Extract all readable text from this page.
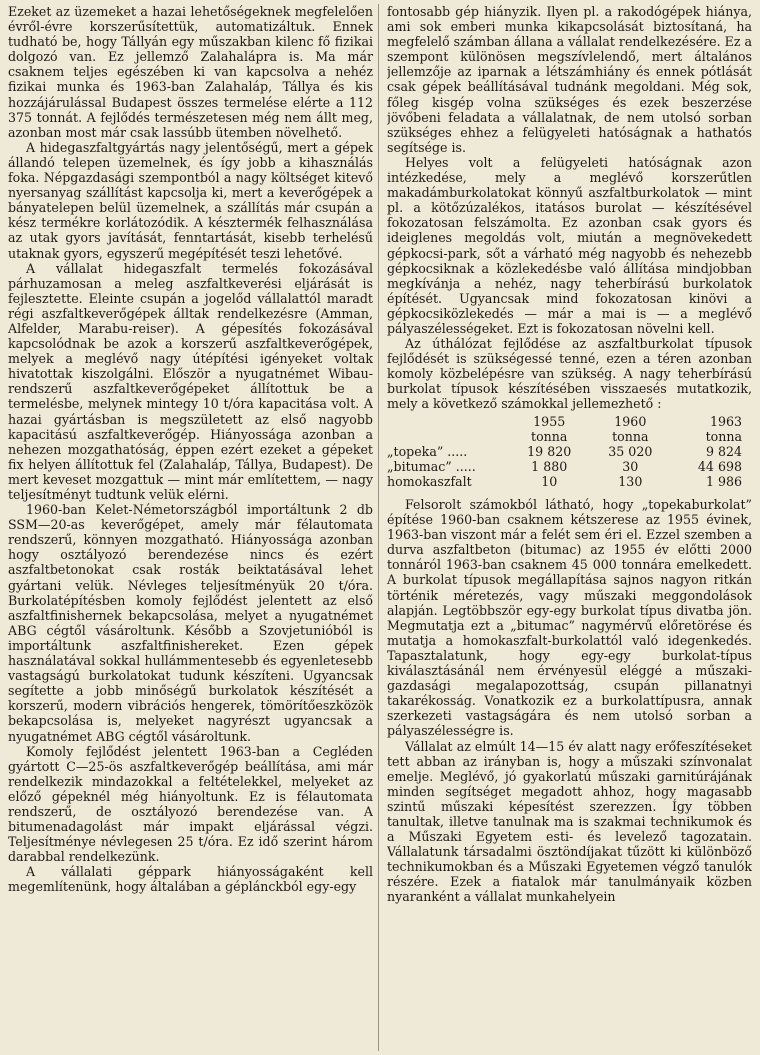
Ezeket az üzemeket a hazai lehetőségeknek megfelelően évről-évre korszerűsítettük, automatizáltuk. Ennek tudható be, hogy Tállyán egy műszakban kilenc fő fizikai dolgozó van. Ez jellemző Zalahalápra is. Ma már csaknem teljes egészében ki van kapcsolva a nehéz fizikai munka és 1963-ban Zalahaláp, Tállya és kis hozzájárulással Budapest összes termelése elérte a 112 375 tonnát. A fejlődés természetesen még nem állt meg, azonban most már csak lassúbb ütemben növelhető.

A hidegaszfaltgyártás nagy jelentőségű, mert a gépek állandó telepen üzemelnek, és így jobb a kihasználás foka. Népgazdasági szempontból a nagy költséget kitevő nyersanyag szállítást kapcsolja ki, mert a keverőgépek a bányatelepen belül üzemelnek, a szállítás már csupán a kész termékre korlátozódik. A késztermék felhasználása az utak gyors javítását, fenntartását, kisebb terhelésű utaknak gyors, egyszerű megépítését teszi lehetővé.

A vállalat hidegaszfalt termelés fokozásával párhuzamosan a meleg aszfaltkeverési eljárását is fejlesztette. Eleinte csupán a jogelőd vállalattól maradt régi aszfaltkeverőgépek álltak rendelkezésre (Amman, Alfelder, Marabu-reiser). A gépesítés fokozásával kapcsolódnak be azok a korszerű aszfaltkeverőgépek, melyek a meglévő nagy útépítési igényeket voltak hivatottak kiszolgálni. Először a nyugatnémet Wibau-rendszerű aszfaltkeverőgépeket állítottuk be a termelésbe, melynek mintegy 10 t/óra kapacitása volt. A hazai gyártásban is megszületett az első nagyobb kapacitású aszfaltkeverőgép. Hiányossága azonban a nehezen mozgathatóság, éppen ezért ezeket a gépeket fix helyen állítottuk fel (Zalahaláp, Tállya, Budapest). De mert keveset mozgattuk — mint már említettem, — nagy teljesítményt tudtunk velük elérni.

1960-ban Kelet-Németországból importáltunk 2 db SSM—20-as keverőgépet, amely már félautomata rendszerű, könnyen mozgatható. Hiányossága azonban hogy osztályozó berendezése nincs és ezért aszfaltbetonokat csak rosták beiktatásával lehet gyártani velük. Névleges teljesítményük 20 t/óra. Burkolatépítésben komoly fejlődést jelentett az első aszfaltfinishernek bekapcsolása, melyet a nyugatnémet ABG cégtől vásároltunk. Később a Szovjetunióból is importáltunk aszfaltfinishereket. Ezen gépek használatával sokkal hullámmentesebb és egyenletesebb vastagságú burkolatokat tudunk készíteni. Ugyancsak segítette a jobb minőségű burkolatok készítését a korszerű, modern vibrációs hengerek, tömörítőeszközök bekapcsolása is, melyeket nagyrészt ugyancsak a nyugatnémet ABG cégtől vásároltunk.

Komoly fejlődést jelentett 1963-ban a Cegléden gyártott C—25-ös aszfaltkeverőgép beállítása, ami már rendelkezik mindazokkal a feltételekkel, melyeket az előző gépeknél még hiányoltunk. Ez is félautomata rendszerű, de osztályozó berendezése van. A bitumenadagolást már impakt eljárással végzi. Teljesítménye névlegesen 25 t/óra. Ez idő szerint három darabbal rendelkezünk.

A vállalati géppark hiányosságaként kell megemlítenünk, hogy általában a géplánckból egy-egy

fontosabb gép hiányzik. Ilyen pl. a rakodógépek hiánya, ami sok emberi munka kikapcsolását biztosítaná, ha megfelelő számban állana a vállalat rendelkezésére. Ez a szempont különösen megszívlelendő, mert általános jellemzője az iparnak a létszámhiány és ennek pótlását csak gépek beállításával tudnánk megoldani. Még sok, főleg kisgép volna szükséges és ezek beszerzése jövőbeni feladata a vállalatnak, de nem utolsó sorban szükséges ehhez a felügyeleti hatóságnak a hathatós segítsége is.

Helyes volt a felügyeleti hatóságnak azon intézkedése, mely a meglévő korszerűtlen makadámburkolatokat könnyű aszfaltburkolatok — mint pl. a kötőzúzalékos, itatásos burolat — készítésével fokozatosan felszámolta. Ez azonban csak gyors és ideiglenes megoldás volt, miután a megnövekedett gépkocsi-park, sőt a várható még nagyobb és nehezebb gépkocsiknak a közlekedésbe való állítása mindjobban megkívánja a nehéz, nagy teherbírású burkolatok építését. Ugyancsak mind fokozatosan kinövi a gépkocsiközlekedés — már a mai is — a meglévő pályaszélességeket. Ezt is fokozatosan növelni kell.

Az úthálózat fejlődése az aszfaltburkolat típusok fejlődését is szükségessé tenné, ezen a téren azonban komoly közbelépésre van szükség. A nagy teherbírású burkolat típusok készítésében visszaesés mutatkozik, mely a következő számokkal jellemezhető :

	1955	1960	1963
	tonna	tonna	tonna
„topeka” .....	19 820	35 020	9 824
„bitumac” .....	1 880	30	44 698
homokaszfalt	10	130	1 986

Felsorolt számokból látható, hogy „topekaburkolat” építése 1960-ban csaknem kétszerese az 1955 évinek, 1963-ban viszont már a felét sem éri el. Ezzel szemben a durva aszfaltbeton (bitumac) az 1955 év előtti 2000 tonnáról 1963-ban csaknem 45 000 tonnára emelkedett. A burkolat típusok megállapítása sajnos nagyon ritkán történik méretezés, vagy műszaki meggondolások alapján. Legtöbbször egy-egy burkolat típus divatba jön. Megmutatja ezt a „bitumac” nagymérvű előretörése és mutatja a homokaszfalt-burkolattól való idegenkedés. Tapasztalatunk, hogy egy-egy burkolat-típus kiválasztásánál nem érvényesül eléggé a műszaki-gazdasági megalapozottság, csupán pillanatnyi takarékosság. Vonatkozik ez a burkolattípusra, annak szerkezeti vastagságára és nem utolsó sorban a pályaszélességre is.

Vállalat az elmúlt 14—15 év alatt nagy erőfeszítéseket tett abban az irányban is, hogy a műszaki színvonalat emelje. Meglévő, jó gyakorlatú műszaki garnitúrájának minden segítséget megadott ahhoz, hogy magasabb szintű műszaki képesítést szerezzen. Így többen tanultak, illetve tanulnak ma is szakmai technikumok és a Műszaki Egyetem esti- és levelező tagozatain. Vállalatunk társadalmi ösztöndíjakat tűzött ki különböző technikumokban és a Műszaki Egyetemen végző tanulók részére. Ezek a fiatalok már tanulmányaik közben nyaranként a vállalat munkahelyein
